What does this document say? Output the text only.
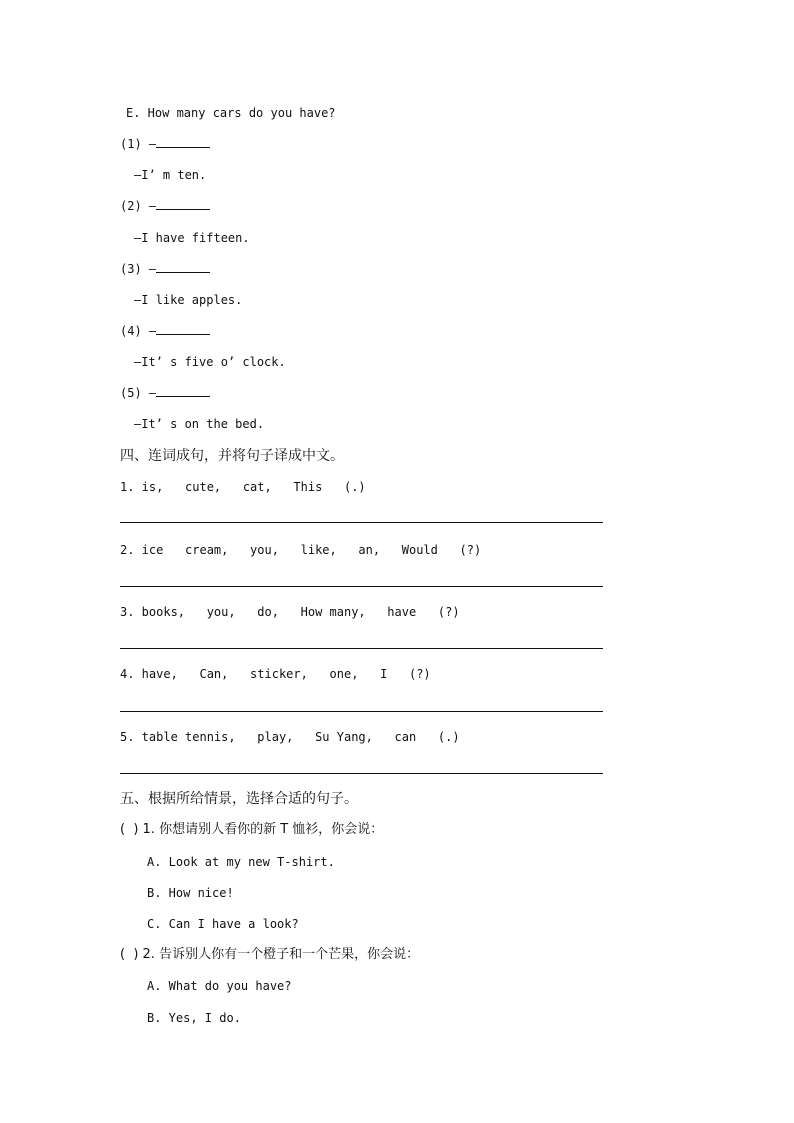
E. How many cars do you have?
(1) —
—I’ m ten.
(2) —
—I have fifteen.
(3) —
—I like apples.
(4) —
—It’ s five o’ clock.
(5) —
—It’ s on the bed.
四、连词成句，并将句子译成中文。
1. is,   cute,   cat,   This   (.)
2. ice   cream,   you,   like,   an,   Would   (?)
3. books,   you,   do,   How many,   have   (?)
4. have,   Can,   sticker,   one,   I   (?)
5. table tennis,   play,   Su Yang,   can   (.)
五、根据所给情景，选择合适的句子。
(  ) 1. 你想请别人看你的新 T 恤衫，你会说：
A. Look at my new T-shirt.
B. How nice!
C. Can I have a look?
(  ) 2. 告诉别人你有一个橙子和一个芒果，你会说：
A. What do you have?
B. Yes, I do.
